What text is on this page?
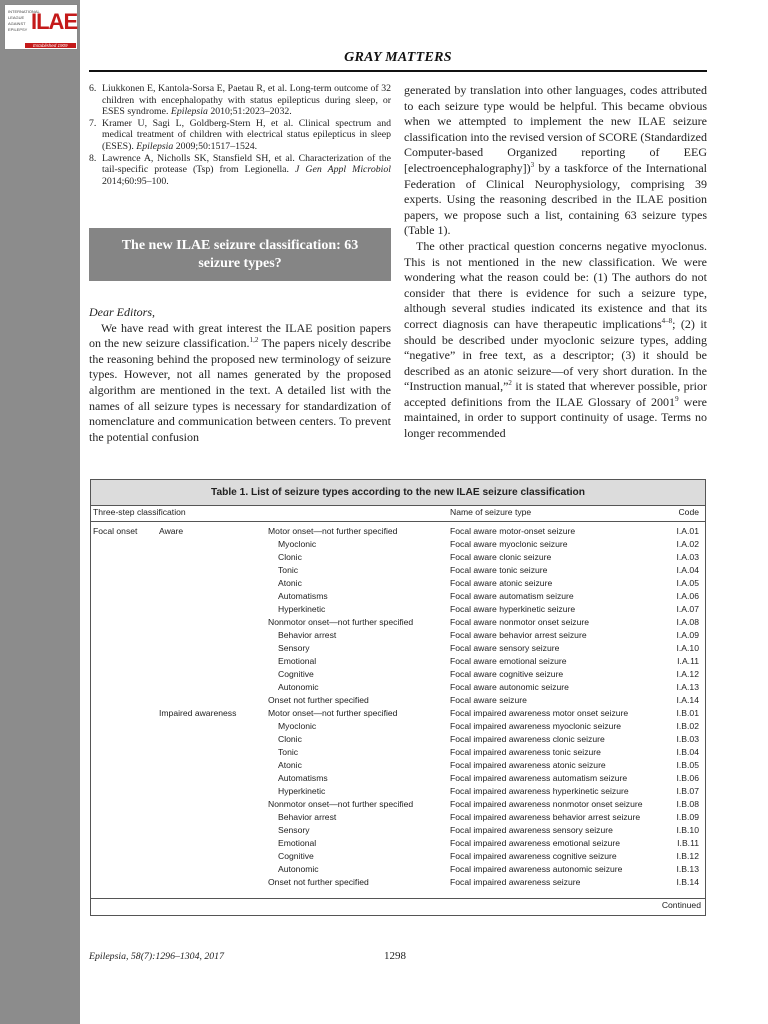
INTERNATIONAL
LEAGUE
AGAINST
EPILEPSY ILAE
Established 1909
GRAY MATTERS
6. Liukkonen E, Kantola-Sorsa E, Paetau R, et al. Long-term outcome of 32 children with encephalopathy with status epilepticus during sleep, or ESES syndrome. Epilepsia 2010;51:2023–2032.
7. Kramer U, Sagi L, Goldberg-Stern H, et al. Clinical spectrum and medical treatment of children with electrical status epilepticus in sleep (ESES). Epilepsia 2009;50:1517–1524.
8. Lawrence A, Nicholls SK, Stansfield SH, et al. Characterization of the tail-specific protease (Tsp) from Legionella. J Gen Appl Microbiol 2014;60:95–100.
The new ILAE seizure classification: 63 seizure types?

Dear Editors,

We have read with great interest the ILAE position papers on the new seizure classification.$^{1,2}$ The papers nicely describe the reasoning behind the proposed new terminology of seizure types. However, not all names generated by the proposed algorithm are mentioned in the text. A detailed list with the names of all seizure types is necessary for standardization of nomenclature and communication between centers. To prevent the potential confusion

generated by translation into other languages, codes attributed to each seizure type would be helpful. This became obvious when we attempted to implement the new ILAE seizure classification into the revised version of SCORE (Standardized Computer-based Organized reporting of EEG [electroencephalography])$^3$ by a taskforce of the International Federation of Clinical Neurophysiology, comprising 39 experts. Using the reasoning described in the ILAE position papers, we propose such a list, containing 63 seizure types (Table 1).

The other practical question concerns negative myoclonus. This is not mentioned in the new classification. We were wondering what the reason could be: (1) The authors do not consider that there is evidence for such a seizure type, although several studies indicated its existence and that its correct diagnosis can have therapeutic implications$^{4-8}$; (2) it should be described under myoclonic seizure types, adding “negative” in free text, as a descriptor; (3) it should be described as an atonic seizure—of very short duration. In the “Instruction manual,”$^2$ it is stated that wherever possible, prior accepted definitions from the ILAE Glossary of 2001$^9$ were maintained, in order to support continuity of usage. Terms no longer recommended

Table 1. List of seizure types according to the new ILAE seizure classification
Three-step classification	Name of seizure type	Code
Focal onset	Aware	Motor onset—not further specified	Focal aware motor-onset seizure	I.A.01
Myoclonic	Focal aware myoclonic seizure	I.A.02
Clonic	Focal aware clonic seizure	I.A.03
Tonic	Focal aware tonic seizure	I.A.04
Atonic	Focal aware atonic seizure	I.A.05
Automatisms	Focal aware automatism seizure	I.A.06
Hyperkinetic	Focal aware hyperkinetic seizure	I.A.07
Nonmotor onset—not further specified	Focal aware nonmotor onset seizure	I.A.08
Behavior arrest	Focal aware behavior arrest seizure	I.A.09
Sensory	Focal aware sensory seizure	I.A.10
Emotional	Focal aware emotional seizure	I.A.11
Cognitive	Focal aware cognitive seizure	I.A.12
Autonomic	Focal aware autonomic seizure	I.A.13
Onset not further specified	Focal aware seizure	I.A.14
Impaired awareness	Motor onset—not further specified	Focal impaired awareness motor onset seizure	I.B.01
Myoclonic	Focal impaired awareness myoclonic seizure	I.B.02
Clonic	Focal impaired awareness clonic seizure	I.B.03
Tonic	Focal impaired awareness tonic seizure	I.B.04
Atonic	Focal impaired awareness atonic seizure	I.B.05
Automatisms	Focal impaired awareness automatism seizure	I.B.06
Hyperkinetic	Focal impaired awareness hyperkinetic seizure	I.B.07
Nonmotor onset—not further specified	Focal impaired awareness nonmotor onset seizure	I.B.08
Behavior arrest	Focal impaired awareness behavior arrest seizure	I.B.09
Sensory	Focal impaired awareness sensory seizure	I.B.10
Emotional	Focal impaired awareness emotional seizure	I.B.11
Cognitive	Focal impaired awareness cognitive seizure	I.B.12
Autonomic	Focal impaired awareness autonomic seizure	I.B.13
Onset not further specified	Focal impaired awareness seizure	I.B.14
Continued
Epilepsia, 58(7):1296–1304, 2017	1298
